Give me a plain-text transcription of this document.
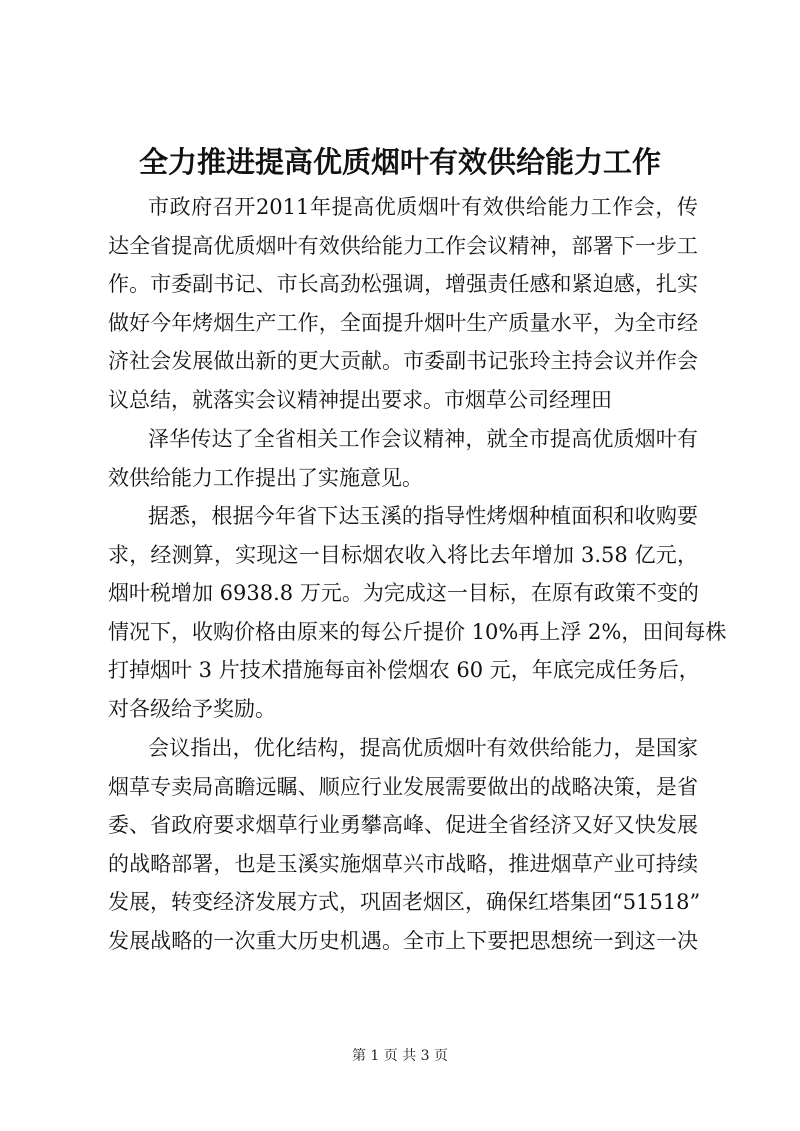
全力推进提高优质烟叶有效供给能力工作
市政府召开2011年提高优质烟叶有效供给能力工作会，传
达全省提高优质烟叶有效供给能力工作会议精神，部署下一步工
作。市委副书记、市长高劲松强调，增强责任感和紧迫感，扎实
做好今年烤烟生产工作，全面提升烟叶生产质量水平，为全市经
济社会发展做出新的更大贡献。市委副书记张玲主持会议并作会
议总结，就落实会议精神提出要求。市烟草公司经理田
泽华传达了全省相关工作会议精神，就全市提高优质烟叶有
效供给能力工作提出了实施意见。
据悉，根据今年省下达玉溪的指导性烤烟种植面积和收购要
求，经测算，实现这一目标烟农收入将比去年增加 3.58 亿元，
烟叶税增加 6938.8 万元。为完成这一目标，在原有政策不变的
情况下，收购价格由原来的每公斤提价 10%再上浮 2%，田间每株
打掉烟叶 3 片技术措施每亩补偿烟农 60 元，年底完成任务后，
对各级给予奖励。
会议指出，优化结构，提高优质烟叶有效供给能力，是国家
烟草专卖局高瞻远瞩、顺应行业发展需要做出的战略决策，是省
委、省政府要求烟草行业勇攀高峰、促进全省经济又好又快发展
的战略部署，也是玉溪实施烟草兴市战略，推进烟草产业可持续
发展，转变经济发展方式，巩固老烟区，确保红塔集团“51518”
发展战略的一次重大历史机遇。全市上下要把思想统一到这一决
第 1 页 共 3 页
